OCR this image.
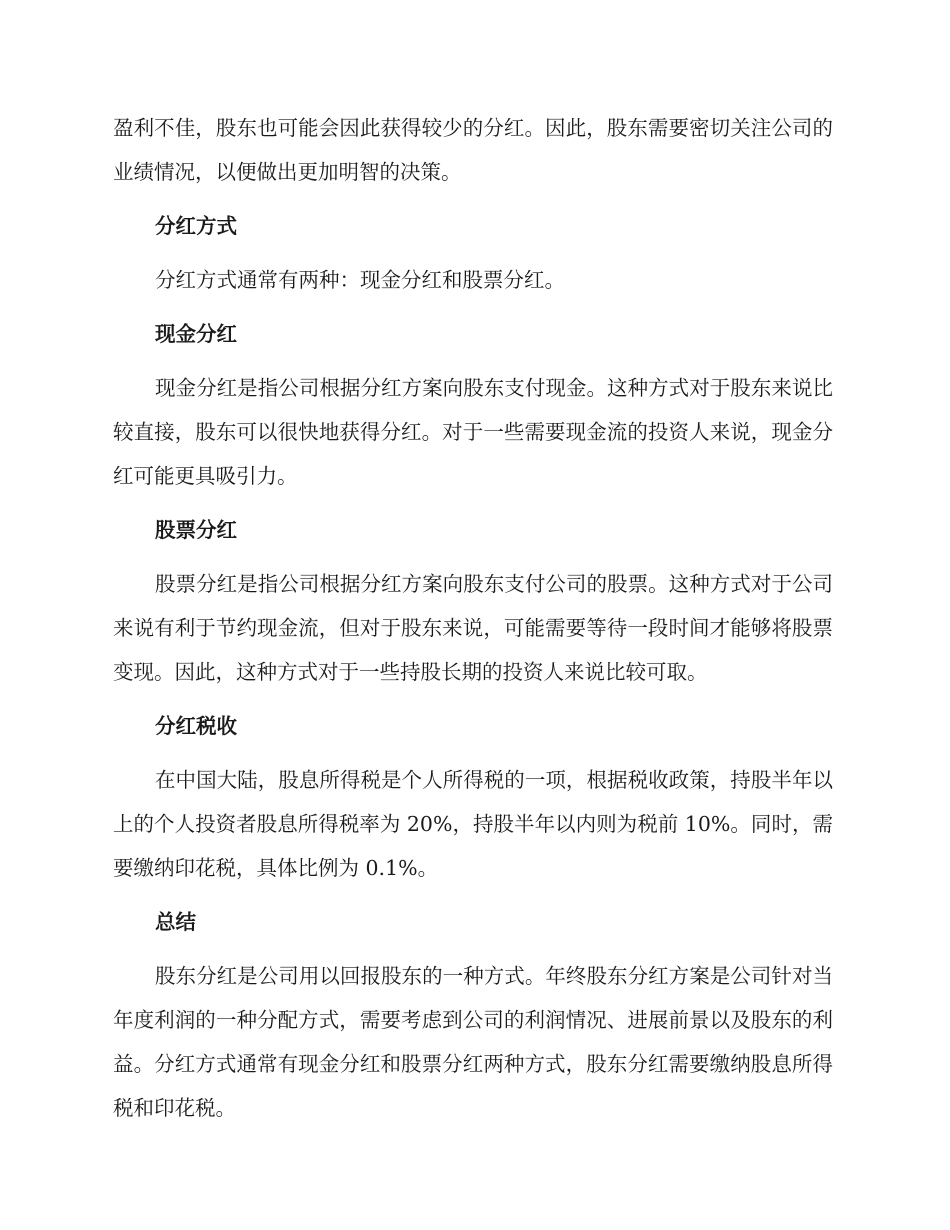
盈利不佳，股东也可能会因此获得较少的分红。因此，股东需要密切关注公司的业绩情况，以便做出更加明智的决策。

分红方式

分红方式通常有两种：现金分红和股票分红。

现金分红

现金分红是指公司根据分红方案向股东支付现金。这种方式对于股东来说比较直接，股东可以很快地获得分红。对于一些需要现金流的投资人来说，现金分红可能更具吸引力。

股票分红

股票分红是指公司根据分红方案向股东支付公司的股票。这种方式对于公司来说有利于节约现金流，但对于股东来说，可能需要等待一段时间才能够将股票变现。因此，这种方式对于一些持股长期的投资人来说比较可取。

分红税收

在中国大陆，股息所得税是个人所得税的一项，根据税收政策，持股半年以上的个人投资者股息所得税率为 20%，持股半年以内则为税前 10%。同时，需要缴纳印花税，具体比例为 0.1%。

总结

股东分红是公司用以回报股东的一种方式。年终股东分红方案是公司针对当年度利润的一种分配方式，需要考虑到公司的利润情况、进展前景以及股东的利益。分红方式通常有现金分红和股票分红两种方式，股东分红需要缴纳股息所得税和印花税。
